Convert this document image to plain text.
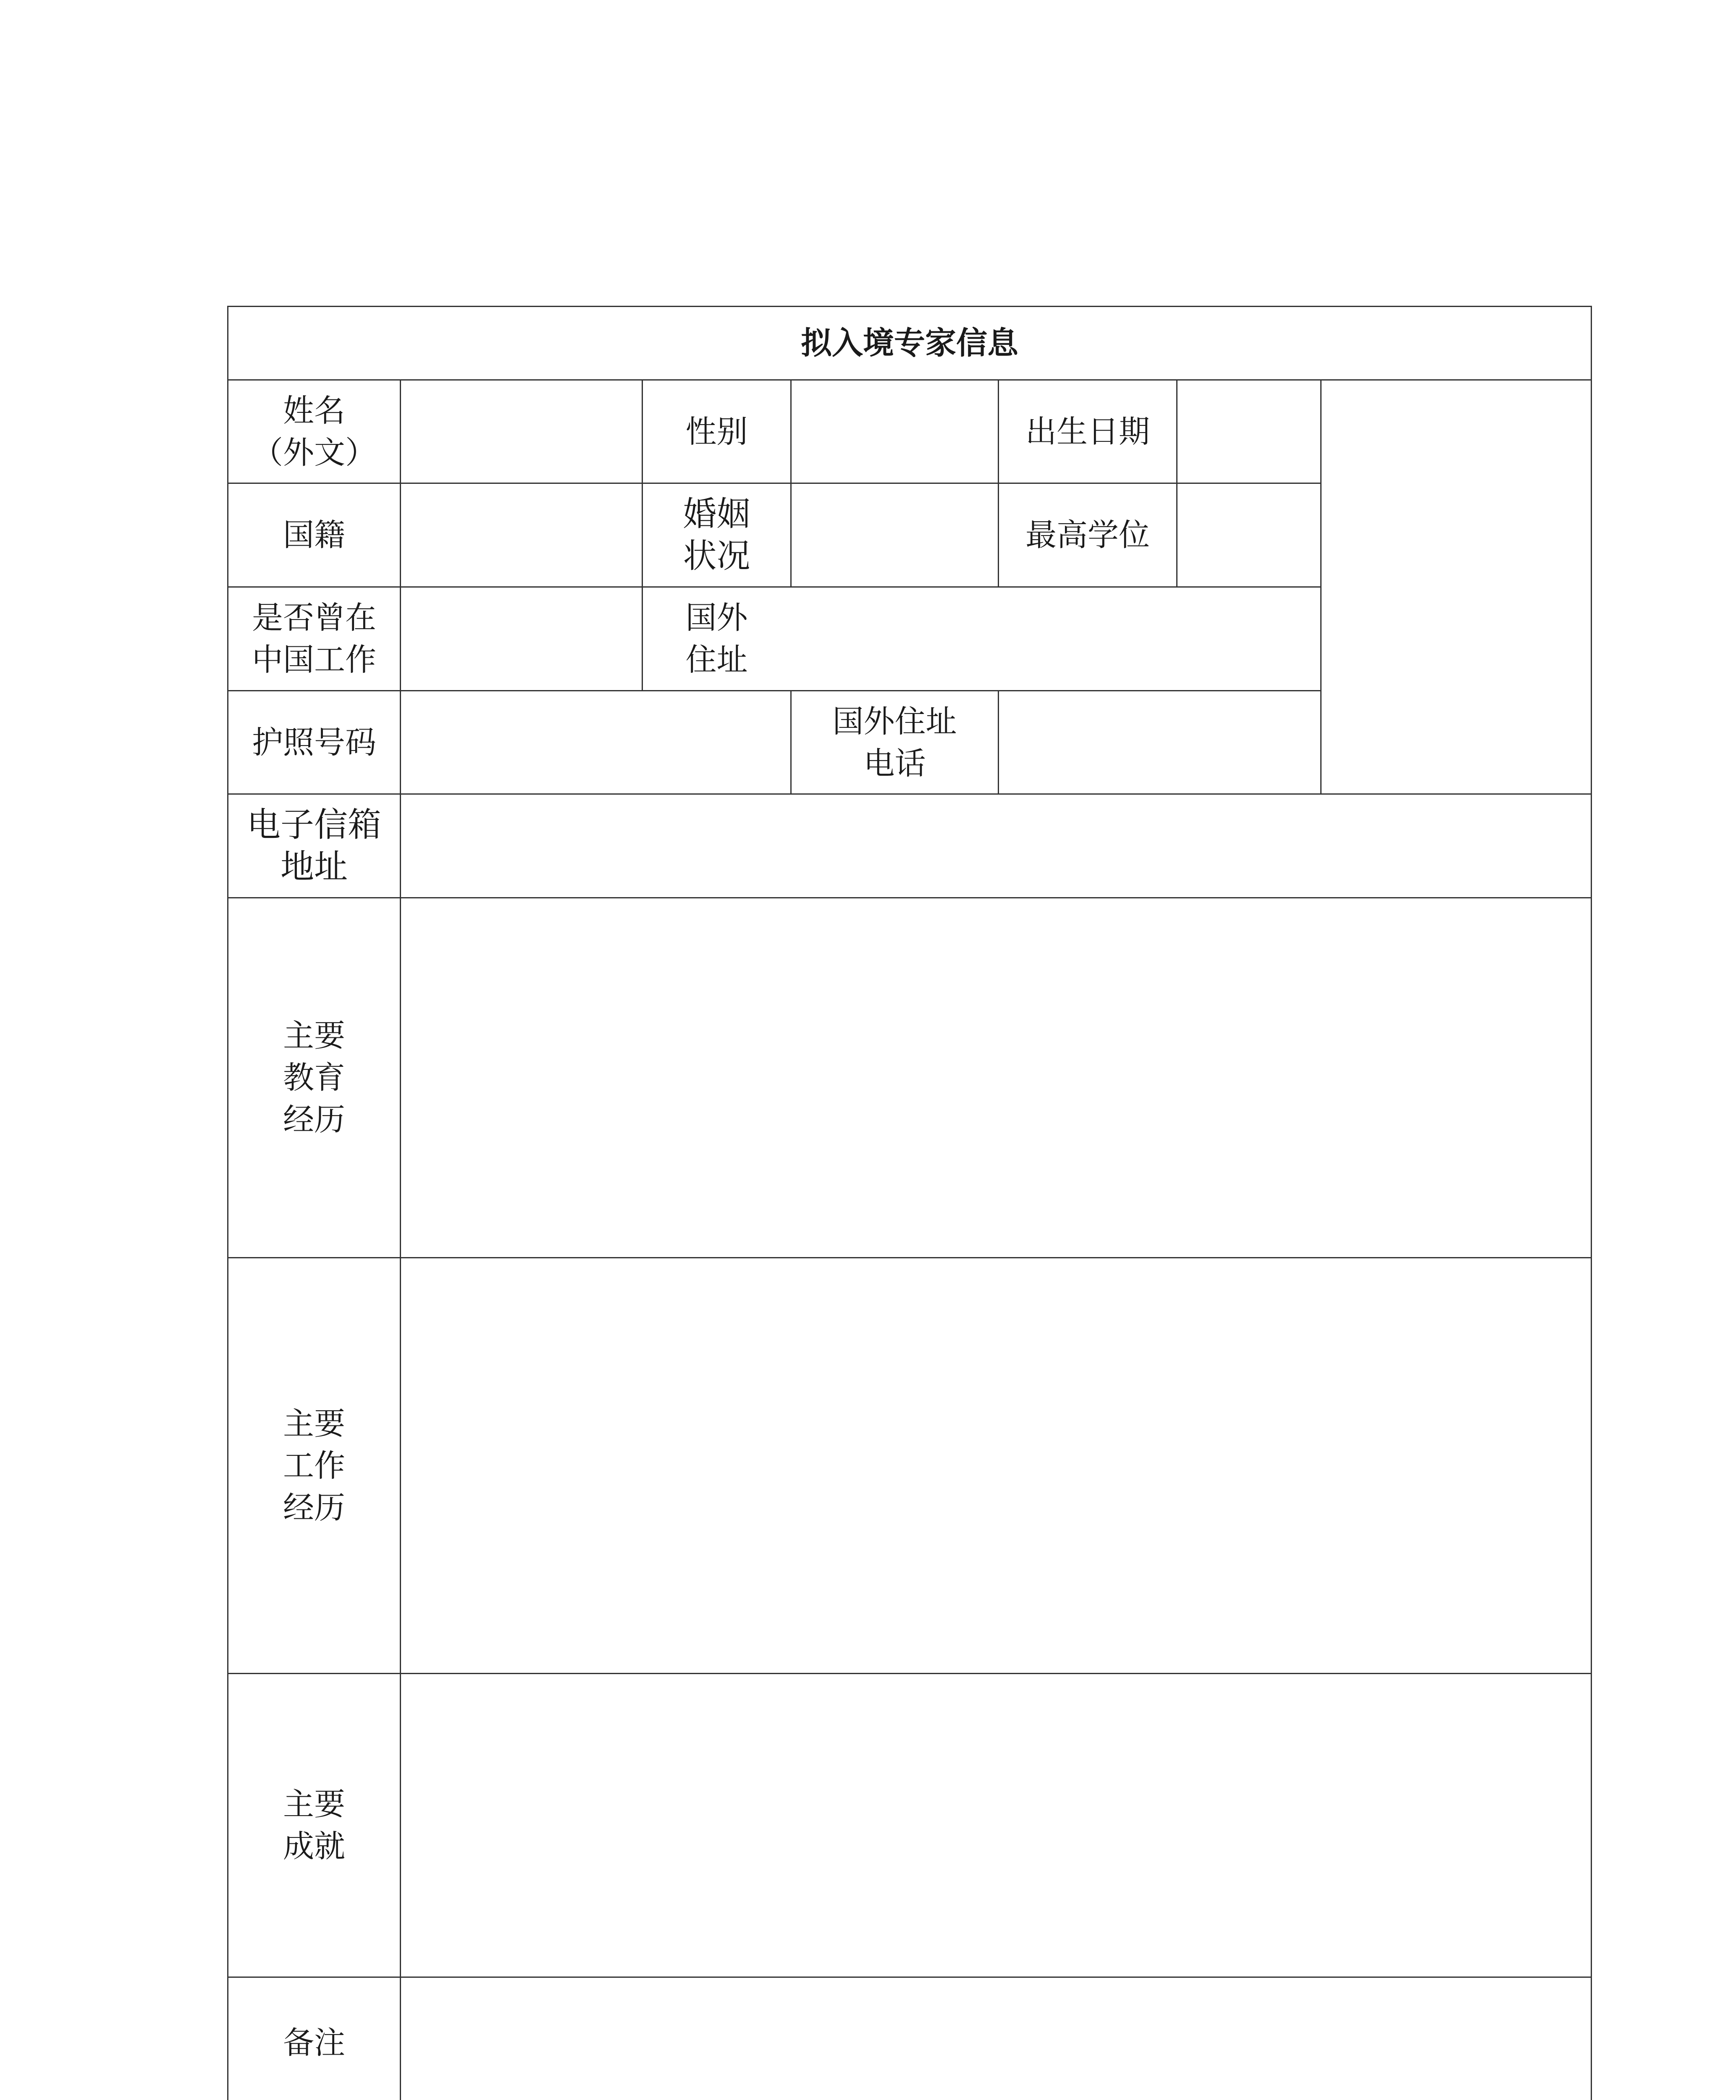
拟入境专家信息
姓名
（外文）
性别	出生日期
国籍
婚姻
状况
最高学位
是否曾在
中国工作
国外
住址
护照号码
国外住址
电话
电子信箱
地址
主要
教育
经历
主要
工作
经历
主要
成就
备注
